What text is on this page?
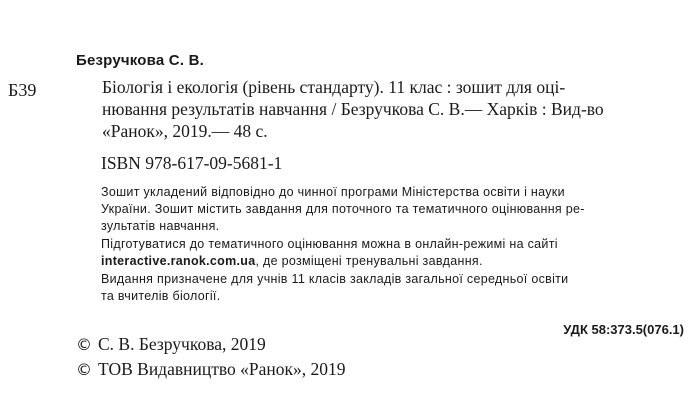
Безручкова С. В.
Б39	Біологія і екологія (рівень стандарту). 11 клас : зошит для оці-
нювання результатів навчання / Безручкова С. В.— Харків : Вид-во
«Ранок», 2019.— 48 с.
ISBN 978-617-09-5681-1
Зошит укладений відповідно до чинної програми Міністерства освіти і науки
України. Зошит містить завдання для поточного та тематичного оцінювання ре-
зультатів навчання.
Підготуватися до тематичного оцінювання можна в онлайн-режимі на сайті
interactive.ranok.com.ua, де розміщені тренувальні завдання.
Видання призначене для учнів 11 класів закладів загальної середньої освіти
та вчителів біології.
УДК 58:373.5(076.1)
© С. В. Безручкова, 2019
© ТОВ Видавництво «Ранок», 2019
